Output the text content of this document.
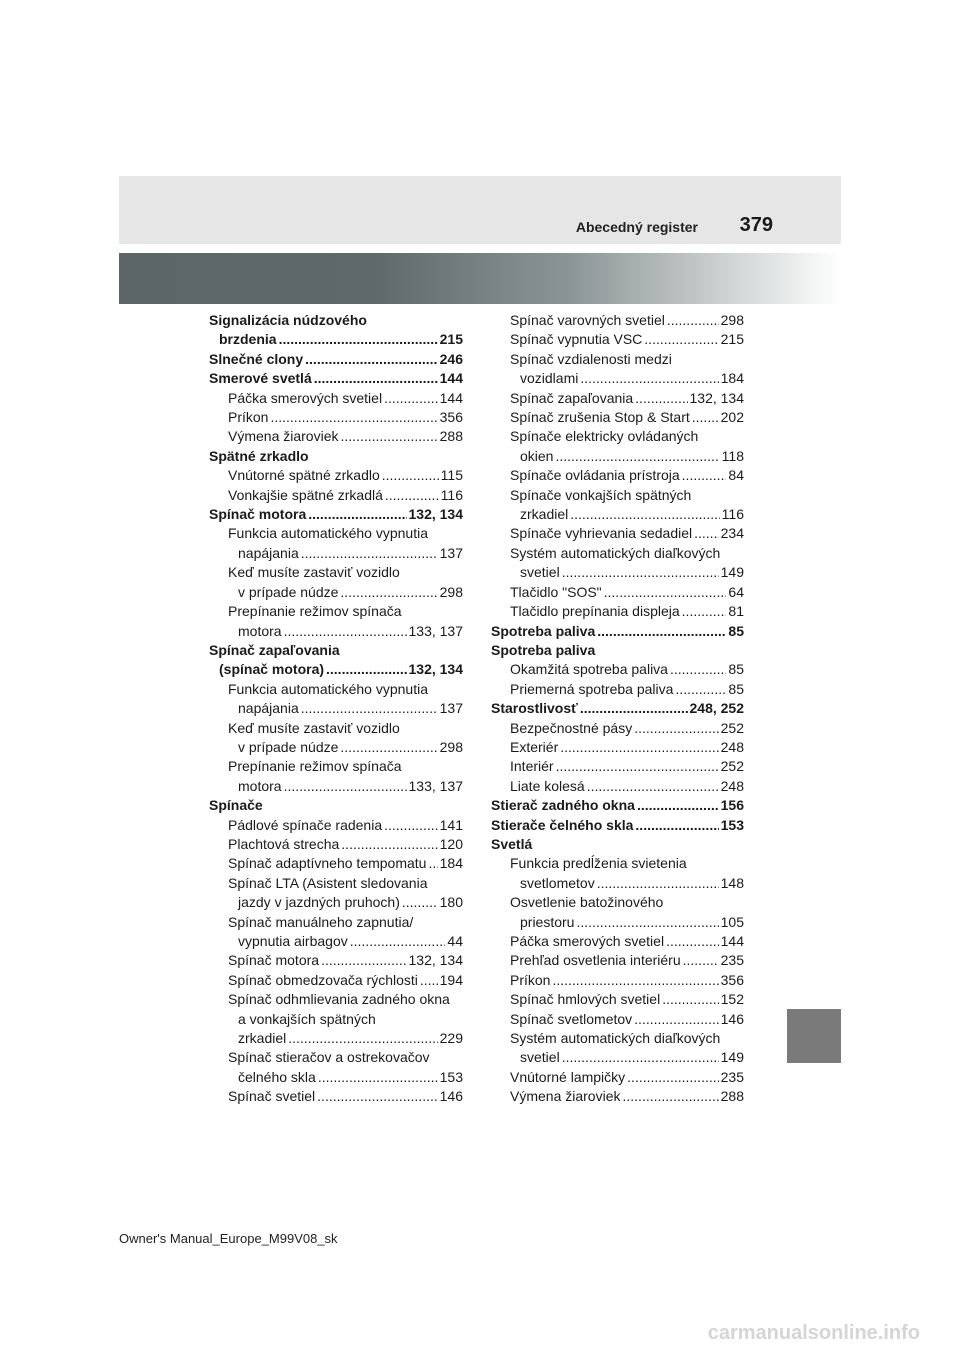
Abecedný register 379
Signalizácia núdzového
brzdenia .....	215
Slnečné clony .....	246
Smerové svetlá .....	144
Páčka smerových svetiel .....	144
Príkon .....	356
Výmena žiaroviek .....	288
Spätné zrkadlo
Vnútorné spätné zrkadlo .....	115
Vonkajšie spätné zrkadlá .....	116
Spínač motora .....	132, 134
Funkcia automatického vypnutia
napájania .....	137
Keď musíte zastaviť vozidlo
v prípade núdze .....	298
Prepínanie režimov spínača
motora .....	133, 137
Spínač zapaľovania
(spínač motora) .....	132, 134
Funkcia automatického vypnutia
napájania .....	137
Keď musíte zastaviť vozidlo
v prípade núdze .....	298
Prepínanie režimov spínača
motora .....	133, 137
Spínače
Pádlové spínače radenia .....	141
Plachtová strecha .....	120
Spínač adaptívneho tempomatu ..... 184
Spínač LTA (Asistent sledovania
jazdy v jazdných pruhoch) .....	180
Spínač manuálneho zapnutia/
vypnutia airbagov .....	44
Spínač motora .....	132, 134
Spínač obmedzovača rýchlosti ..... 194
Spínač odhmlievania zadného okna
a vonkajších spätných
zrkadiel .....	229
Spínač stieračov a ostrekovačov
čelného skla .....	153
Spínač svetiel .....	146
Spínač varovných svetiel .....	298
Spínač vypnutia VSC .....	215
Spínač vzdialenosti medzi
vozidlami .....	184
Spínač zapaľovania .....	132, 134
Spínač zrušenia Stop & Start ..... 202
Spínače elektricky ovládaných
okien .....	118
Spínače ovládania prístroja .....	84
Spínače vonkajších spätných
zrkadiel .....	116
Spínače vyhrievania sedadiel ..... 234
Systém automatických diaľkových
svetiel .....	149
Tlačidlo "SOS" .....	64
Tlačidlo prepínania displeja .....	81
Spotreba paliva .....	85
Spotreba paliva
Okamžitá spotreba paliva .....	85
Priemerná spotreba paliva .....	85
Starostlivosť .....	248, 252
Bezpečnostné pásy .....	252
Exteriér .....	248
Interiér .....	252
Liate kolesá .....	248
Stierač zadného okna .....	156
Stierače čelného skla .....	153
Svetlá
Funkcia predĺženia svietenia
svetlometov .....	148
Osvetlenie batožinového
priestoru .....	105
Páčka smerových svetiel .....	144
Prehľad osvetlenia interiéru .....	235
Príkon .....	356
Spínač hmlových svetiel .....	152
Spínač svetlometov .....	146
Systém automatických diaľkových
svetiel .....	149
Vnútorné lampičky .....	235
Výmena žiaroviek .....	288
Owner's Manual_Europe_M99V08_sk
carmanualsonline.info
